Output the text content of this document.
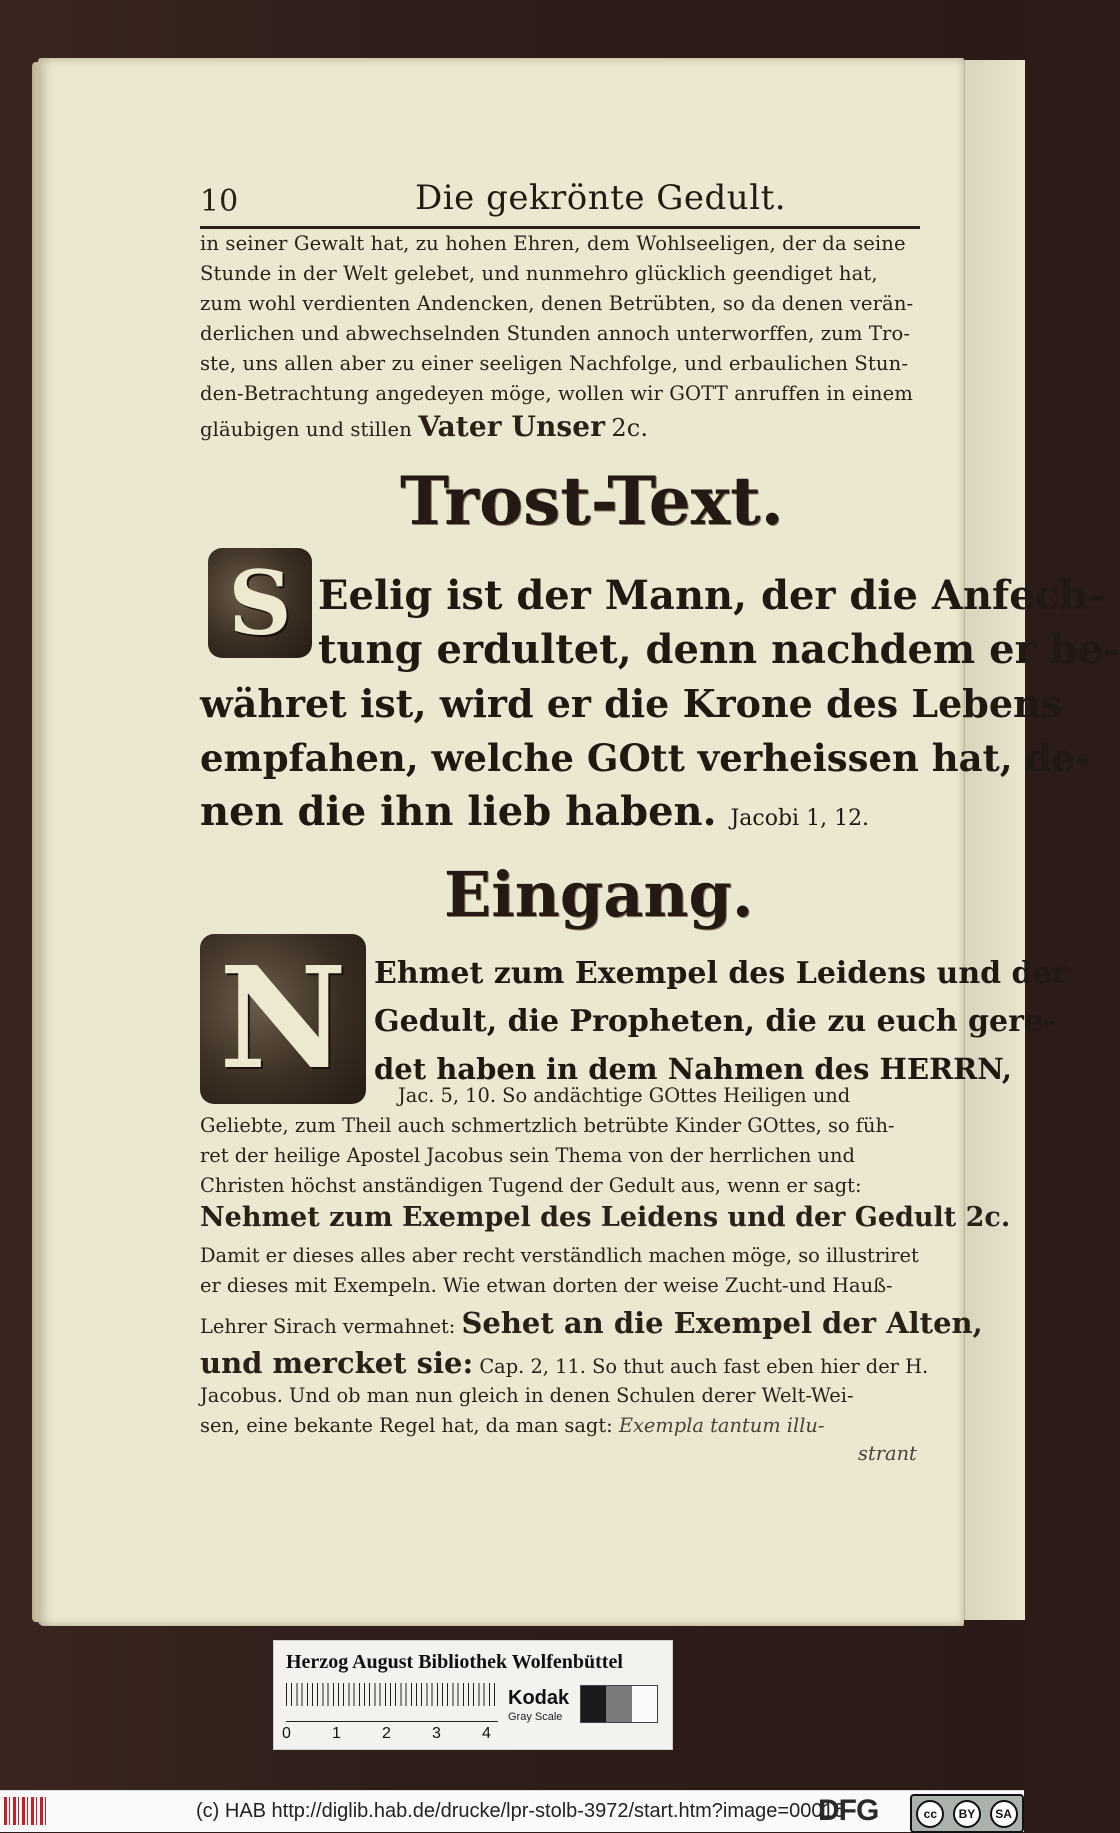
10	Die gekrönte Gedult.
in seiner Gewalt hat, zu hohen Ehren, dem Wohlseeligen, der da seine
Stunde in der Welt gelebet, und nunmehro glücklich geendiget hat,
zum wohl verdienten Andencken, denen Betrübten, so da denen verän-
derlichen und abwechselnden Stunden annoch unterworffen, zum Tro-
ste, uns allen aber zu einer seeligen Nachfolge, und erbaulichen Stun-
den-Betrachtung angedeyen möge, wollen wir GOTT anruffen in einem
gläubigen und stillen Vater Unser 2c.
Trost-Text.
S Eelig ist der Mann, der die Anfech-
tung erdultet, denn nachdem er be-
währet ist, wird er die Krone des Lebens
empfahen, welche GOtt verheissen hat, de-
nen die ihn lieb haben. Jacobi 1, 12.
Eingang.
N Ehmet zum Exempel des Leidens und der
Gedult, die Propheten, die zu euch gere-
det haben in dem Nahmen des HERRN,
Jac. 5, 10. So andächtige GOttes Heiligen und
Geliebte, zum Theil auch schmertzlich betrübte Kinder GOttes, so füh-
ret der heilige Apostel Jacobus sein Thema von der herrlichen und
Christen höchst anständigen Tugend der Gedult aus, wenn er sagt:
Nehmet zum Exempel des Leidens und der Gedult 2c.
Damit er dieses alles aber recht verständlich machen möge, so illustriret
er dieses mit Exempeln. Wie etwan dorten der weise Zucht-und Hauß-
Lehrer Sirach vermahnet: Sehet an die Exempel der Alten,
und mercket sie: Cap. 2, 11. So thut auch fast eben hier der H.
Jacobus. Und ob man nun gleich in denen Schulen derer Welt-Wei-
sen, eine bekante Regel hat, da man sagt: Exempla tantum illu-
strant
Herzog August Bibliothek Wolfenbüttel
0	1	2	3	4
Kodak
Gray Scale
(c) HAB http://diglib.hab.de/drucke/lpr-stolb-3972/start.htm?image=00016
DFG	cc	BY	SA
